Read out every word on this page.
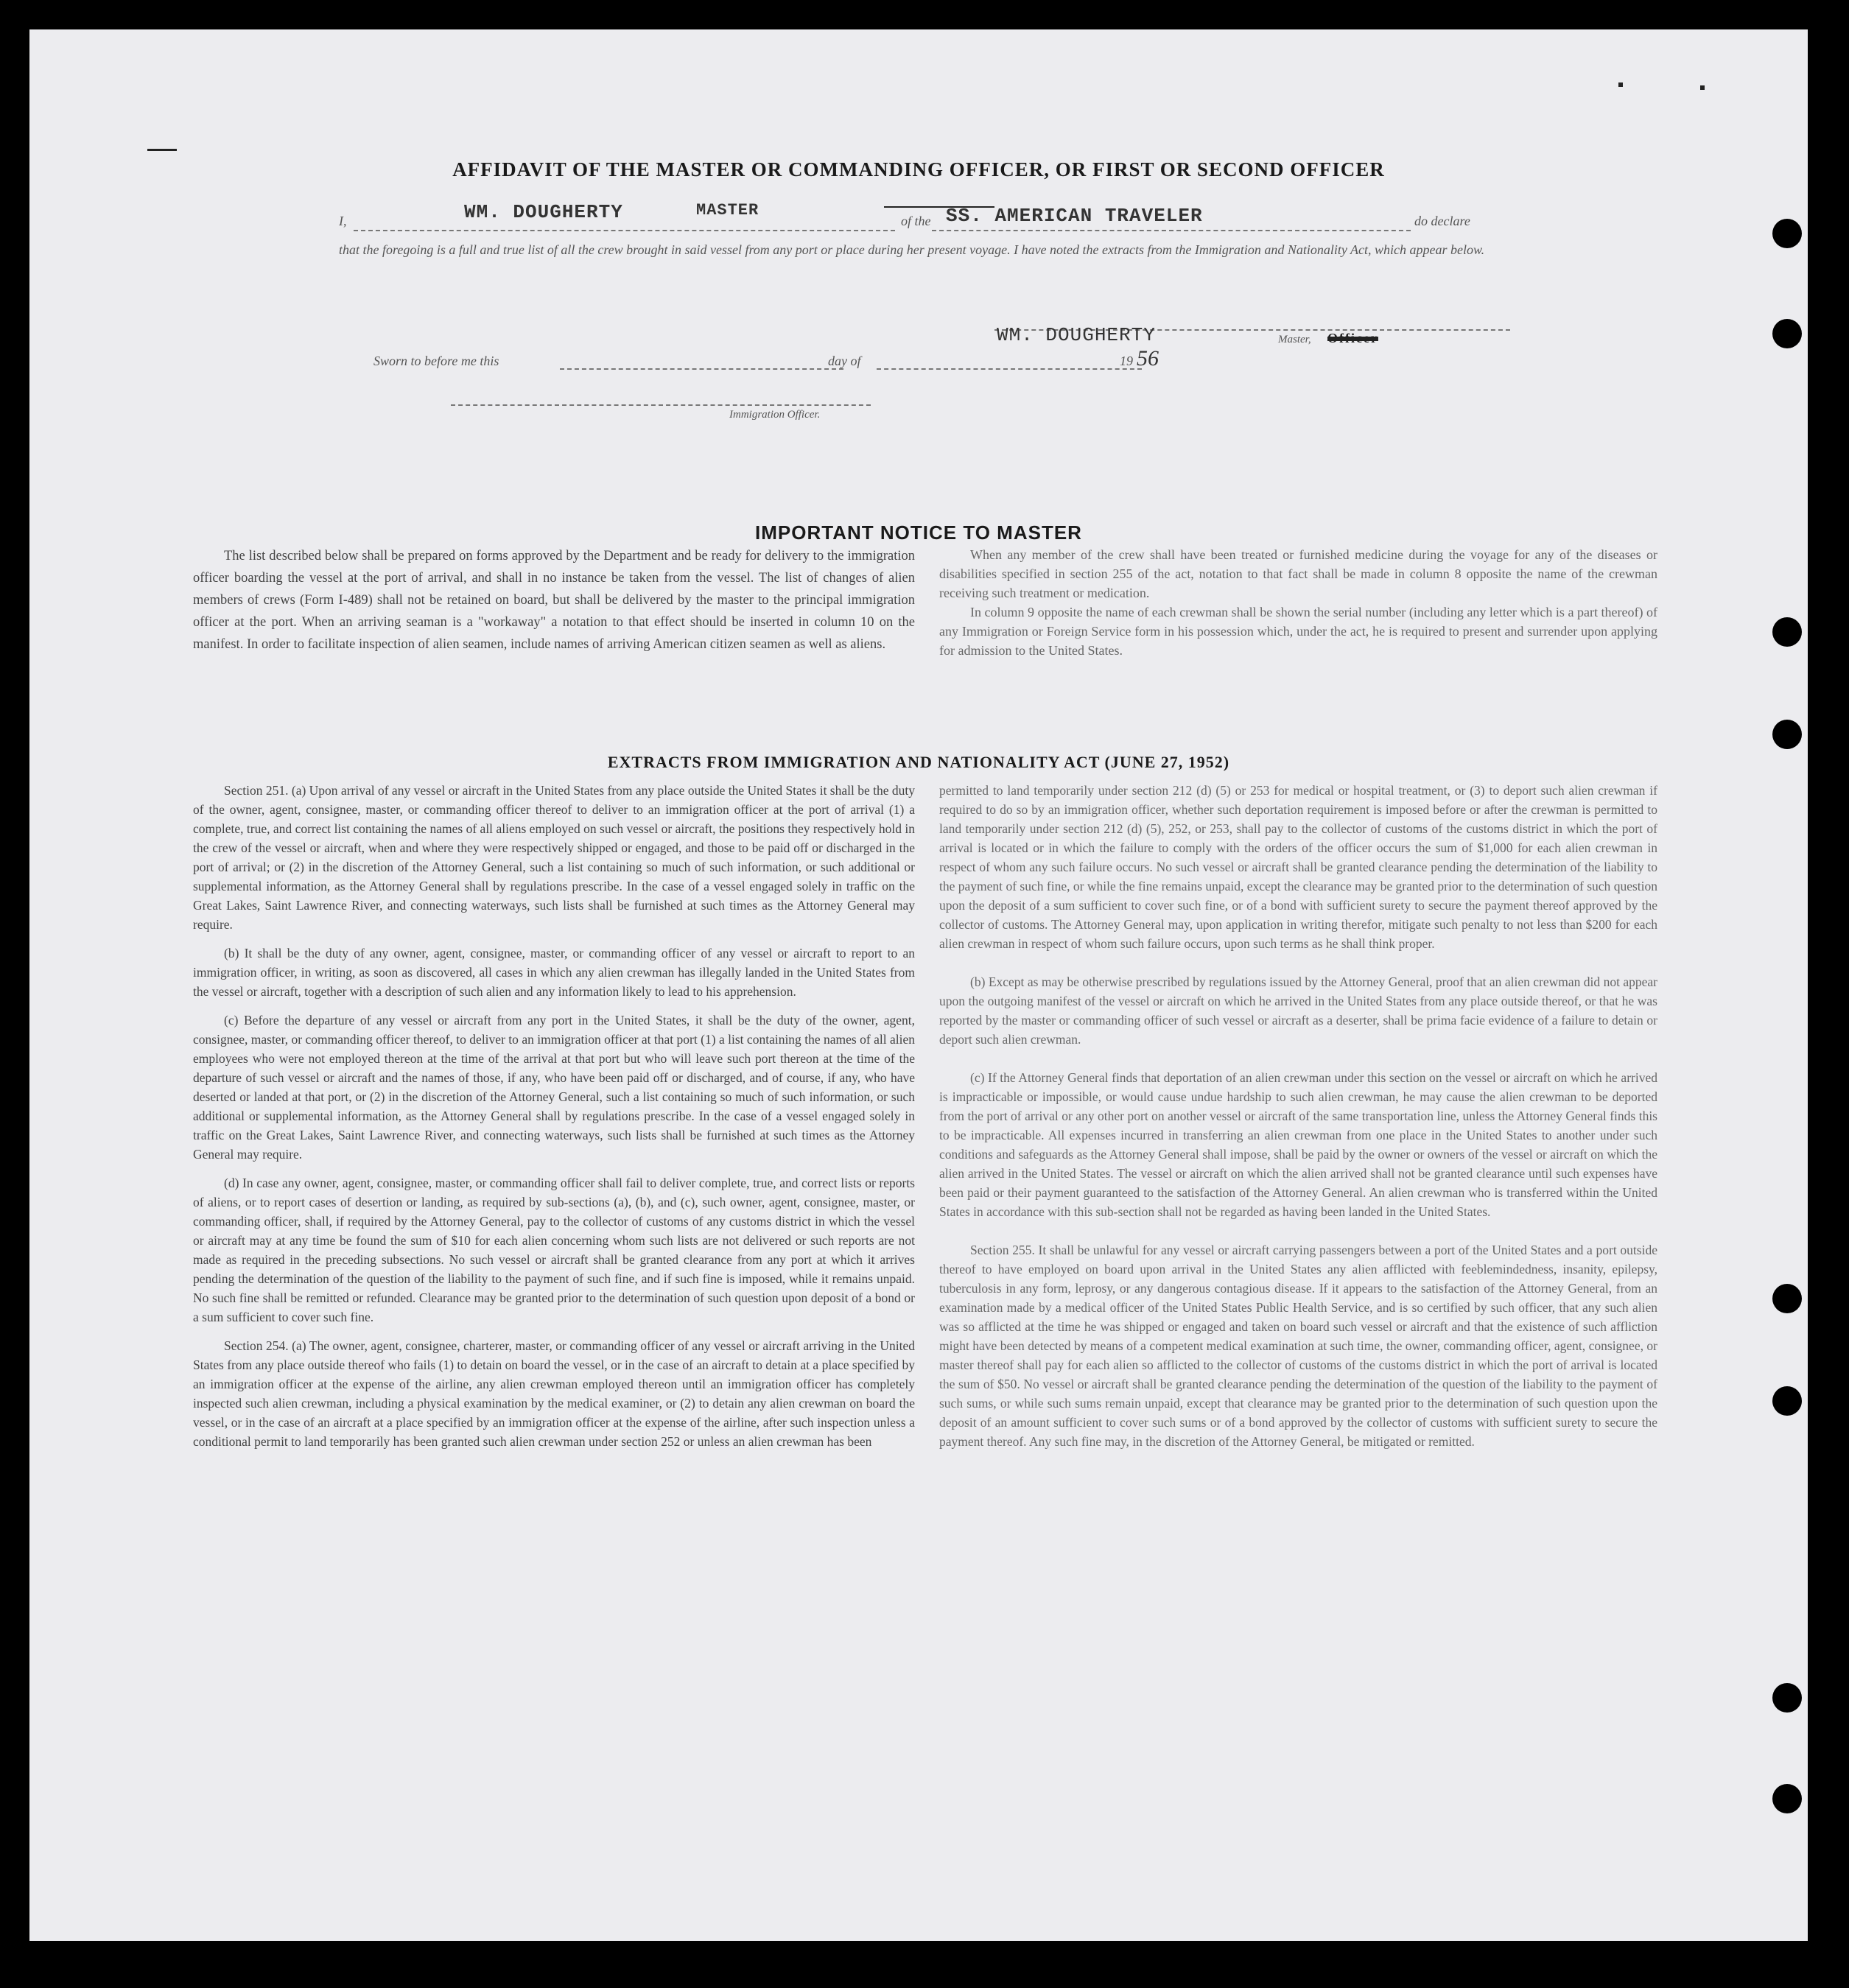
AFFIDAVIT OF THE MASTER OR COMMANDING OFFICER, OR FIRST OR SECOND OFFICER
I,	WM. DOUGHERTY	MASTER
of the SS. AMERICAN TRAVELER	do declare
that the foregoing is a full and true list of all the crew brought in said vessel from any port or place during her present voyage. I have noted the extracts from the Immigration and Nationality Act, which appear below.
Sworn to before me this	day of	19 56
WM. DOUGHERTY	Master, Officer
Immigration Officer.
IMPORTANT NOTICE TO MASTER

The list described below shall be prepared on forms approved by the Department and be ready for delivery to the immigration officer boarding the vessel at the port of arrival, and shall in no instance be taken from the vessel. The list of changes of alien members of crews (Form I-489) shall not be retained on board, but shall be delivered by the master to the principal immigration officer at the port. When an arriving seaman is a "workaway" a notation to that effect should be inserted in column 10 on the manifest. In order to facilitate inspection of alien seamen, include names of arriving American citizen seamen as well as aliens.

When any member of the crew shall have been treated or furnished medicine during the voyage for any of the diseases or disabilities specified in section 255 of the act, notation to that fact shall be made in column 8 opposite the name of the crewman receiving such treatment or medication.

In column 9 opposite the name of each crewman shall be shown the serial number (including any letter which is a part thereof) of any Immigration or Foreign Service form in his possession which, under the act, he is required to present and surrender upon applying for admission to the United States.

EXTRACTS FROM IMMIGRATION AND NATIONALITY ACT (JUNE 27, 1952)

Section 251. (a) Upon arrival of any vessel or aircraft in the United States from any place outside the United States it shall be the duty of the owner, agent, consignee, master, or commanding officer thereof to deliver to an immigration officer at the port of arrival (1) a complete, true, and correct list containing the names of all aliens employed on such vessel or aircraft, the positions they respectively hold in the crew of the vessel or aircraft, when and where they were respectively shipped or engaged, and those to be paid off or discharged in the port of arrival; or (2) in the discretion of the Attorney General, such a list containing so much of such information, or such additional or supplemental information, as the Attorney General shall by regulations prescribe. In the case of a vessel engaged solely in traffic on the Great Lakes, Saint Lawrence River, and connecting waterways, such lists shall be furnished at such times as the Attorney General may require.

(b) It shall be the duty of any owner, agent, consignee, master, or commanding officer of any vessel or aircraft to report to an immigration officer, in writing, as soon as discovered, all cases in which any alien crewman has illegally landed in the United States from the vessel or aircraft, together with a description of such alien and any information likely to lead to his apprehension.

(c) Before the departure of any vessel or aircraft from any port in the United States, it shall be the duty of the owner, agent, consignee, master, or commanding officer thereof, to deliver to an immigration officer at that port (1) a list containing the names of all alien employees who were not employed thereon at the time of the arrival at that port but who will leave such port thereon at the time of the departure of such vessel or aircraft and the names of those, if any, who have been paid off or discharged, and of course, if any, who have deserted or landed at that port, or (2) in the discretion of the Attorney General, such a list containing so much of such information, or such additional or supplemental information, as the Attorney General shall by regulations prescribe. In the case of a vessel engaged solely in traffic on the Great Lakes, Saint Lawrence River, and connecting waterways, such lists shall be furnished at such times as the Attorney General may require.

(d) In case any owner, agent, consignee, master, or commanding officer shall fail to deliver complete, true, and correct lists or reports of aliens, or to report cases of desertion or landing, as required by sub-sections (a), (b), and (c), such owner, agent, consignee, master, or commanding officer, shall, if required by the Attorney General, pay to the collector of customs of any customs district in which the vessel or aircraft may at any time be found the sum of $10 for each alien concerning whom such lists are not delivered or such reports are not made as required in the preceding subsections. No such vessel or aircraft shall be granted clearance from any port at which it arrives pending the determination of the question of the liability to the payment of such fine, and if such fine is imposed, while it remains unpaid. No such fine shall be remitted or refunded. Clearance may be granted prior to the determination of such question upon deposit of a bond or a sum sufficient to cover such fine.

Section 254. (a) The owner, agent, consignee, charterer, master, or commanding officer of any vessel or aircraft arriving in the United States from any place outside thereof who fails (1) to detain on board the vessel, or in the case of an aircraft to detain at a place specified by an immigration officer at the expense of the airline, any alien crewman employed thereon until an immigration officer has completely inspected such alien crewman, including a physical examination by the medical examiner, or (2) to detain any alien crewman on board the vessel, or in the case of an aircraft at a place specified by an immigration officer at the expense of the airline, after such inspection unless a conditional permit to land temporarily has been granted such alien crewman under section 252 or unless an alien crewman has been

permitted to land temporarily under section 212 (d) (5) or 253 for medical or hospital treatment, or (3) to deport such alien crewman if required to do so by an immigration officer, whether such deportation requirement is imposed before or after the crewman is permitted to land temporarily under section 212 (d) (5), 252, or 253, shall pay to the collector of customs of the customs district in which the port of arrival is located or in which the failure to comply with the orders of the officer occurs the sum of $1,000 for each alien crewman in respect of whom any such failure occurs. No such vessel or aircraft shall be granted clearance pending the determination of the liability to the payment of such fine, or while the fine remains unpaid, except the clearance may be granted prior to the determination of such question upon the deposit of a sum sufficient to cover such fine, or of a bond with sufficient surety to secure the payment thereof approved by the collector of customs. The Attorney General may, upon application in writing therefor, mitigate such penalty to not less than $200 for each alien crewman in respect of whom such failure occurs, upon such terms as he shall think proper.

(b) Except as may be otherwise prescribed by regulations issued by the Attorney General, proof that an alien crewman did not appear upon the outgoing manifest of the vessel or aircraft on which he arrived in the United States from any place outside thereof, or that he was reported by the master or commanding officer of such vessel or aircraft as a deserter, shall be prima facie evidence of a failure to detain or deport such alien crewman.

(c) If the Attorney General finds that deportation of an alien crewman under this section on the vessel or aircraft on which he arrived is impracticable or impossible, or would cause undue hardship to such alien crewman, he may cause the alien crewman to be deported from the port of arrival or any other port on another vessel or aircraft of the same transportation line, unless the Attorney General finds this to be impracticable. All expenses incurred in transferring an alien crewman from one place in the United States to another under such conditions and safeguards as the Attorney General shall impose, shall be paid by the owner or owners of the vessel or aircraft on which the alien arrived in the United States. The vessel or aircraft on which the alien arrived shall not be granted clearance until such expenses have been paid or their payment guaranteed to the satisfaction of the Attorney General. An alien crewman who is transferred within the United States in accordance with this sub-section shall not be regarded as having been landed in the United States.

Section 255. It shall be unlawful for any vessel or aircraft carrying passengers between a port of the United States and a port outside thereof to have employed on board upon arrival in the United States any alien afflicted with feeblemindedness, insanity, epilepsy, tuberculosis in any form, leprosy, or any dangerous contagious disease. If it appears to the satisfaction of the Attorney General, from an examination made by a medical officer of the United States Public Health Service, and is so certified by such officer, that any such alien was so afflicted at the time he was shipped or engaged and taken on board such vessel or aircraft and that the existence of such affliction might have been detected by means of a competent medical examination at such time, the owner, commanding officer, agent, consignee, or master thereof shall pay for each alien so afflicted to the collector of customs of the customs district in which the port of arrival is located the sum of $50. No vessel or aircraft shall be granted clearance pending the determination of the question of the liability to the payment of such sums, or while such sums remain unpaid, except that clearance may be granted prior to the determination of such question upon the deposit of an amount sufficient to cover such sums or of a bond approved by the collector of customs with sufficient surety to secure the payment thereof. Any such fine may, in the discretion of the Attorney General, be mitigated or remitted.
